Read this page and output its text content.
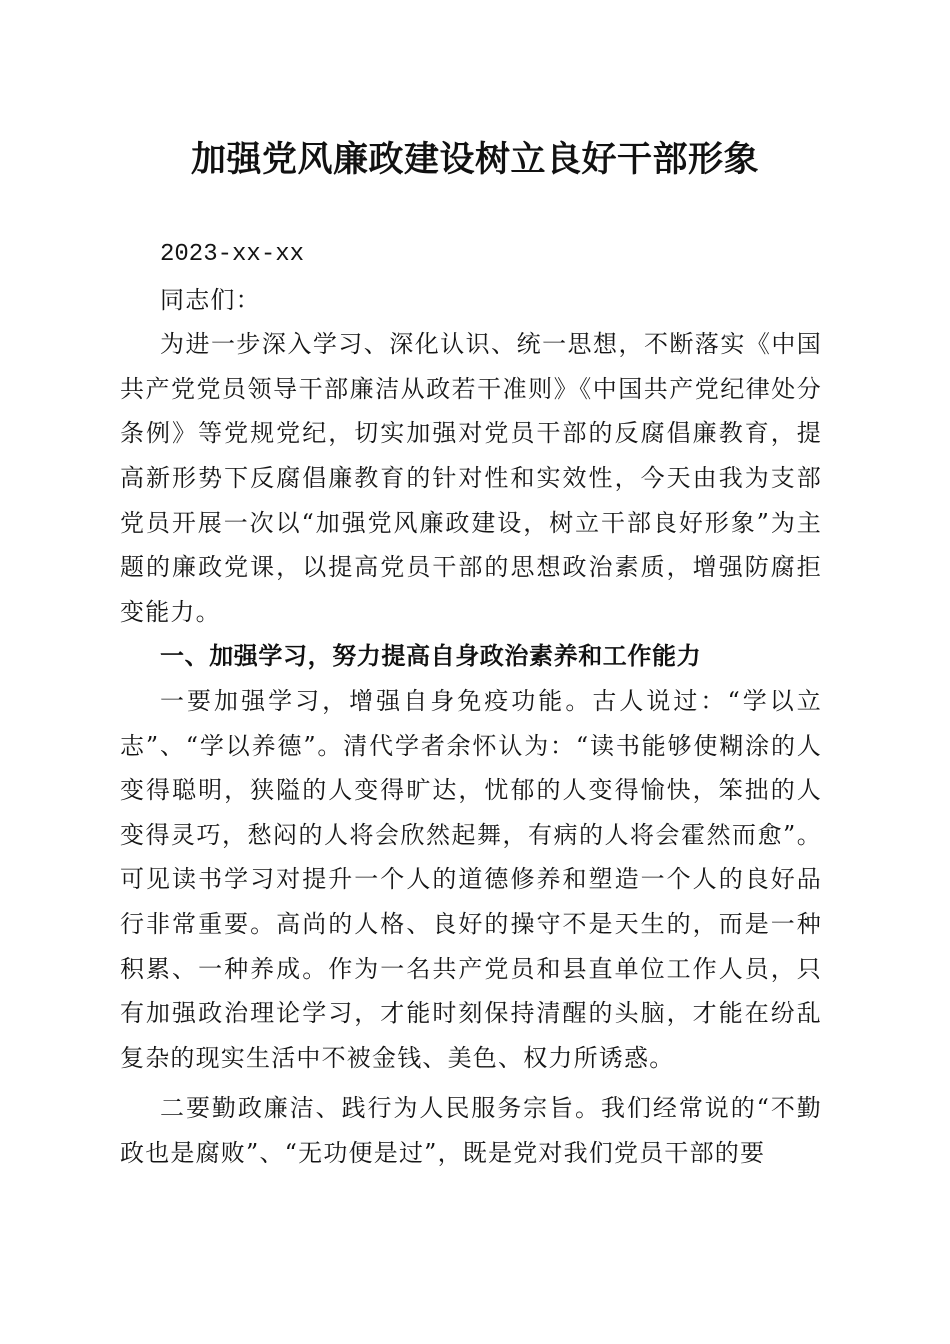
加强党风廉政建设树立良好干部形象

2023-xx-xx

同志们：

为进一步深入学习、深化认识、统一思想，不断落实《中国共产党党员领导干部廉洁从政若干准则》《中国共产党纪律处分条例》等党规党纪，切实加强对党员干部的反腐倡廉教育，提高新形势下反腐倡廉教育的针对性和实效性，今天由我为支部党员开展一次以“加强党风廉政建设，树立干部良好形象”为主题的廉政党课，以提高党员干部的思想政治素质，增强防腐拒变能力。

一、加强学习，努力提高自身政治素养和工作能力

一要加强学习，增强自身免疫功能。古人说过：“学以立志”、“学以养德”。清代学者余怀认为：“读书能够使糊涂的人变得聪明，狭隘的人变得旷达，忧郁的人变得愉快，笨拙的人变得灵巧，愁闷的人将会欣然起舞，有病的人将会霍然而愈”。可见读书学习对提升一个人的道德修养和塑造一个人的良好品行非常重要。高尚的人格、良好的操守不是天生的，而是一种积累、一种养成。作为一名共产党员和县直单位工作人员，只有加强政治理论学习，才能时刻保持清醒的头脑，才能在纷乱复杂的现实生活中不被金钱、美色、权力所诱惑。

二要勤政廉洁、践行为人民服务宗旨。我们经常说的“不勤政也是腐败”、“无功便是过”，既是党对我们党员干部的要
